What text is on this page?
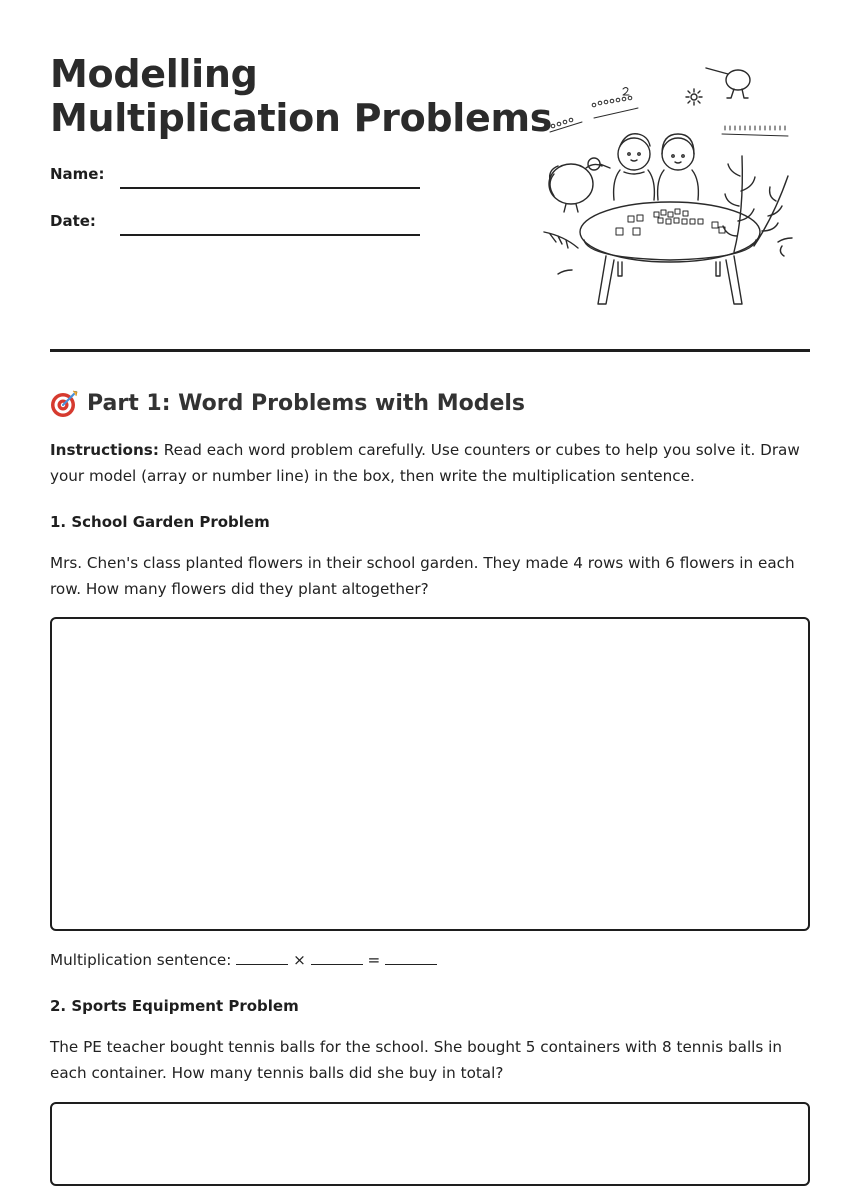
Modelling
Multiplication Problems
Name:
Date:
Part 1: Word Problems with Models

Instructions: Read each word problem carefully. Use counters or cubes to help you solve it. Draw your model (array or number line) in the box, then write the multiplication sentence.

1. School Garden Problem

Mrs. Chen's class planted flowers in their school garden. They made 4 rows with 6 flowers in each row. How many flowers did they plant altogether?

Multiplication sentence:	×	=
2. Sports Equipment Problem

The PE teacher bought tennis balls for the school. She bought 5 containers with 8 tennis balls in each container. How many tennis balls did she buy in total?
